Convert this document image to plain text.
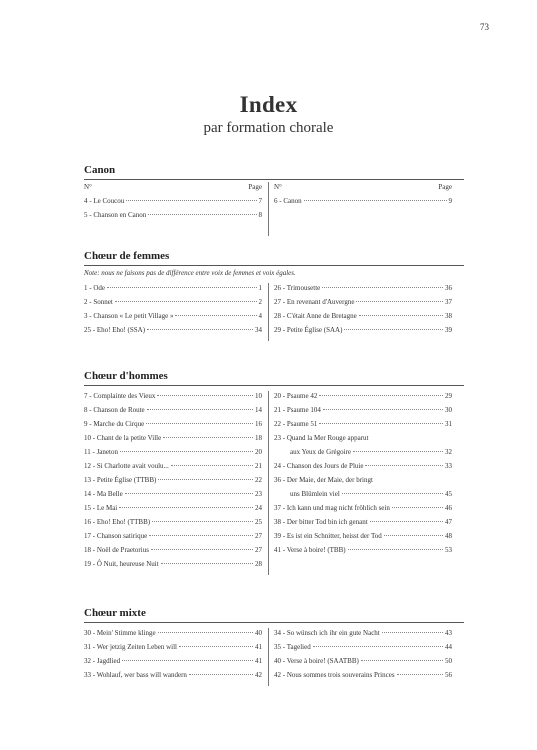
73
Index
par formation chorale
Canon
N°	Page
4 - Le Coucou	7
5 - Chanson en Canon	8
N°	Page
6 - Canon	9
Chœur de femmes
Note: nous ne faisons pas de différence entre voix de femmes et voix égales.
1 - Ode	1
2 - Sonnet	2
3 - Chanson « Le petit Village »	4
25 - Eho! Eho! (SSA)	34
26 - Trimousette	36
27 - En revenant d'Auvergne	37
28 - C'était Anne de Bretagne	38
29 - Petite Église (SAA)	39
Chœur d'hommes
7 - Complainte des Vieux	10
8 - Chanson de Route	14
9 - Marche du Cirque	16
10 - Chant de la petite Ville	18
11 - Janeton	20
12 - Si Charlotte avait voulu...	21
13 - Petite Église (TTBB)	22
14 - Ma Belle	23
15 - Le Mai	24
16 - Eho! Eho! (TTBB)	25
17 - Chanson satirique	27
18 - Noël de Praetorius	27
19 - Ô Nuit, heureuse Nuit	28
20 - Psaume 42	29
21 - Psaume 104	30
22 - Psaume 51	31
23 - Quand la Mer Rouge apparut
aux Yeux de Grégoire	32
24 - Chanson des Jours de Pluie	33
36 - Der Maie, der Maie, der bringt
uns Blümlein viel	45
37 - Ich kann und mag nicht fröhlich sein	46
38 - Der bitter Tod bin ich genant	47
39 - Es ist ein Schnitter, heisst der Tod	48
41 - Verse à boire! (TBB)	53
Chœur mixte
30 - Mein' Stimme klinge	40
31 - Wer jetzig Zeiten Leben will	41
32 - Jagdlied	41
33 - Wohlauf, wer bass will wandern	42
34 - So wünsch ich ihr ein gute Nacht	43
35 - Tagelied	44
40 - Verse à boire! (SAATBB)	50
42 - Nous sommes trois souverains Princes	56
